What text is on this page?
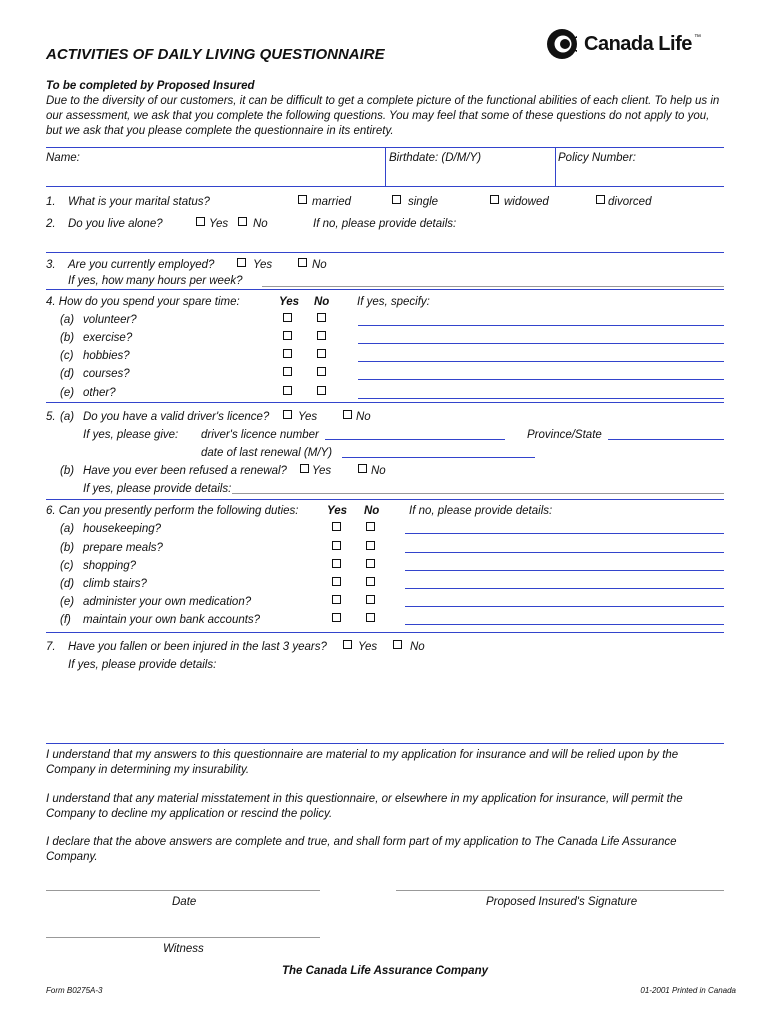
ACTIVITIES OF DAILY LIVING QUESTIONNAIRE	Canada Life ™
To be completed by Proposed Insured
Due to the diversity of our customers, it can be difficult to get a complete picture of the functional abilities of each client. To help us in our assessment, we ask that you complete the following questions. You may feel that some of these questions do not apply to you, but we ask that you please complete the questionnaire in its entirety.
Name:	Birthdate: (D/M/Y)	Policy Number:
1. What is your marital status?	married	single	widowed	divorced
2. Do you live alone?	Yes No	If no, please provide details:
3. Are you currently employed?	Yes	No
If yes, how many hours per week?
4. How do you spend your spare time:	Yes No If yes, specify:
(a) volunteer?
(b) exercise?
(c) hobbies?
(d) courses?
(e) other?
5. (a) Do you have a valid driver's licence? Yes	No
If yes, please give: driver's licence number	Province/State
date of last renewal (M/Y)
(b) Have you ever been refused a renewal? Yes	No
If yes, please provide details:
6. Can you presently perform the following duties: Yes No	If no, please provide details:
(a) housekeeping?
(b) prepare meals?
(c) shopping?
(d) climb stairs?
(e) administer your own medication?
(f) maintain your own bank accounts?
7. Have you fallen or been injured in the last 3 years?	Yes	No
If yes, please provide details:
I understand that my answers to this questionnaire are material to my application for insurance and will be relied upon by the Company in determining my insurability.
I understand that any material misstatement in this questionnaire, or elsewhere in my application for insurance, will permit the Company to decline my application or rescind the policy.
I declare that the above answers are complete and true, and shall form part of my application to The Canada Life Assurance Company.
Date	Proposed Insured's Signature
Witness
The Canada Life Assurance Company
Form B0275A-3	01-2001 Printed in Canada
